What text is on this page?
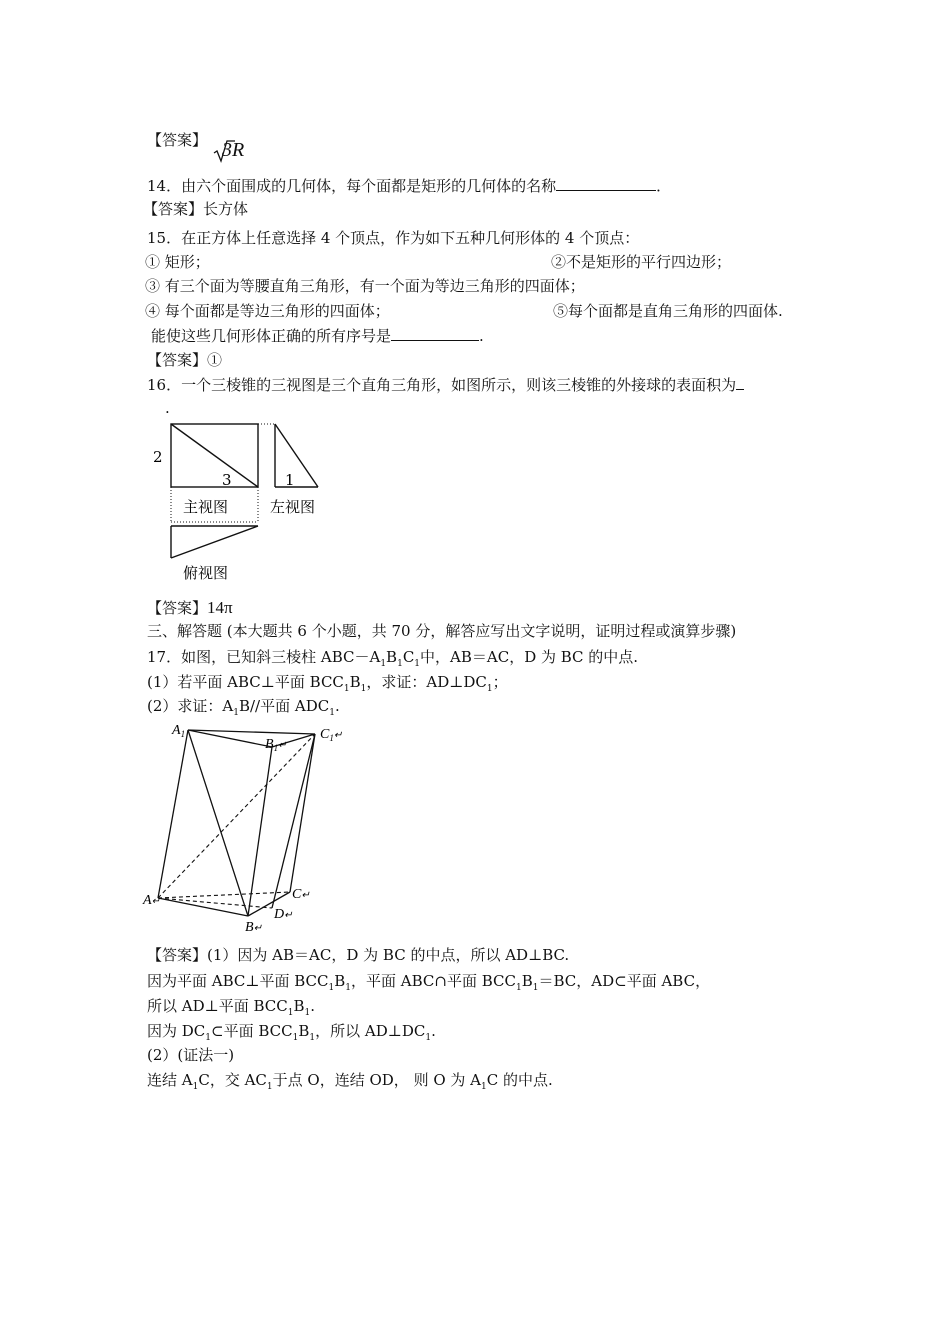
【答案】 3R
14．由六个面围成的几何体，每个面都是矩形的几何体的名称	．
【答案】长方体
15．在正方体上任意选择 4 个顶点，作为如下五种几何形体的 4 个顶点：
① 矩形；	②不是矩形的平行四边形；
③ 有三个面为等腰直角三角形，有一个面为等边三角形的四面体；
④ 每个面都是等边三角形的四面体；	⑤每个面都是直角三角形的四面体.
能使这些几何形体正确的所有序号是	.
【答案】①
16．一个三棱锥的三视图是三个直角三角形，如图所示，则该三棱锥的外接球的表面积为
.
2
3	1
主视图	左视图
俯视图
【答案】14π
三、解答题 (本大题共 6 个小题，共 70 分，解答应写出文字说明，证明过程或演算步骤)
17．如图，已知斜三棱柱 $ABC-A_1B_1C_1$中，AB＝AC，D 为 BC 的中点.
(1）若平面 ABC⊥平面 $BCC_1B_1$，求证：$AD\perp DC_1$；
(2）求证：$A_1B//$平面 $ADC_1$.
$A_1$
$B_1^↵$
$C_1^↵$
A↵	C↵
D↵
B↵
【答案】(1）因为 AB＝AC，D 为 BC 的中点，所以 AD⊥BC.
因为平面 ABC⊥平面 $BCC_1B_1$，平面 ABC∩平面 $BCC_1B_1=BC$，AD⊂平面 ABC，
所以 AD⊥平面 $BCC_1B_1$.
因为 $DC_1\subset$平面 $BCC_1B_1$，所以 $AD\perp DC_1$.
(2）(证法一)
连结 $A_1C$，交 $AC_1$于点 O，连结 OD， 则 O 为 $A_1C$ 的中点.
